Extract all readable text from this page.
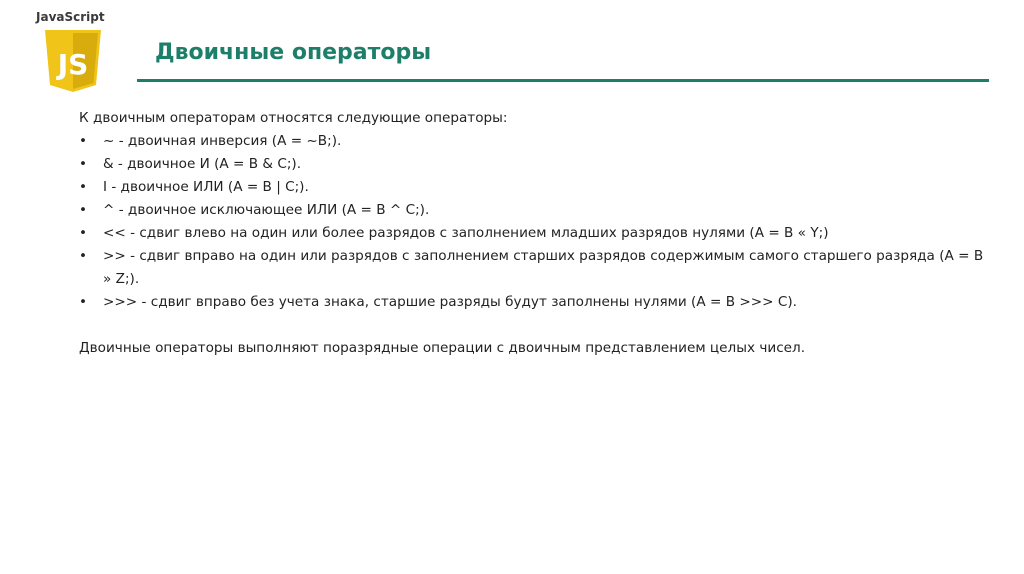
JavaScript
JS	Двоичные операторы

К двоичным операторам относятся следующие операторы:

•	~ - двоичная инверсия (A = ~B;).
•	& - двоичное И (A = B & C;).
•	I - двоичное ИЛИ (A = B | C;).
•	^ - двоичное исключающее ИЛИ (A = B ^ C;).
•	<< - сдвиг влево на один или более разрядов с заполнением младших разрядов нулями (A = B « Y;)
•	>> - сдвиг вправо на один или разрядов с заполнением старших разрядов содержимым самого старшего разряда (A = B » Z;).
•	>>> - сдвиг вправо без учета знака, старшие разряды будут заполнены нулями (A = B >>> C).

Двоичные операторы выполняют поразрядные операции с двоичным представлением целых чисел.
